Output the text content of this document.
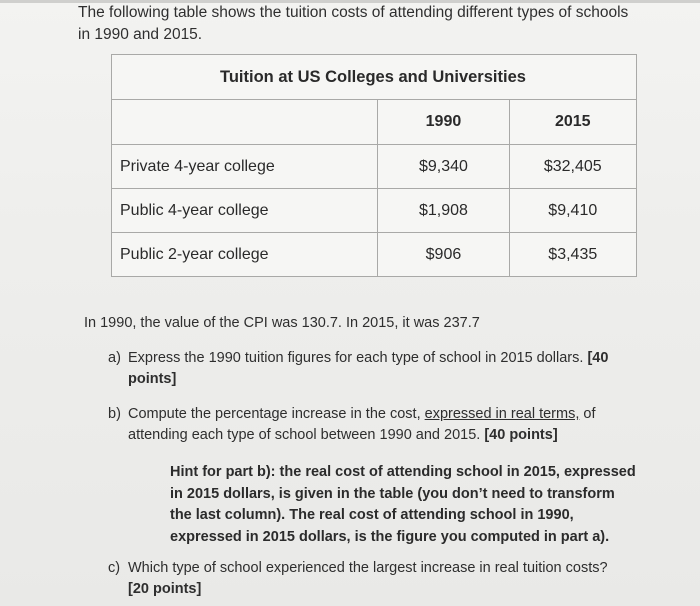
The following table shows the tuition costs of attending different types of schools
in 1990 and 2015.

Tuition at US Colleges and Universities		
	1990	2015
Private 4-year college	$9,340	$32,405
Public 4-year college	$1,908	$9,410
Public 2-year college	$906	$3,435

In 1990, the value of the CPI was 130.7. In 2015, it was 237.7

a) Express the 1990 tuition figures for each type of school in 2015 dollars. [40 points]
b) Compute the percentage increase in the cost, expressed in real terms, of attending each type of school between 1990 and 2015. [40 points]

Hint for part b): the real cost of attending school in 2015, expressed in 2015 dollars, is given in the table (you don’t need to transform the last column). The real cost of attending school in 1990, expressed in 2015 dollars, is the figure you computed in part a).

c) Which type of school experienced the largest increase in real tuition costs?
[20 points]
